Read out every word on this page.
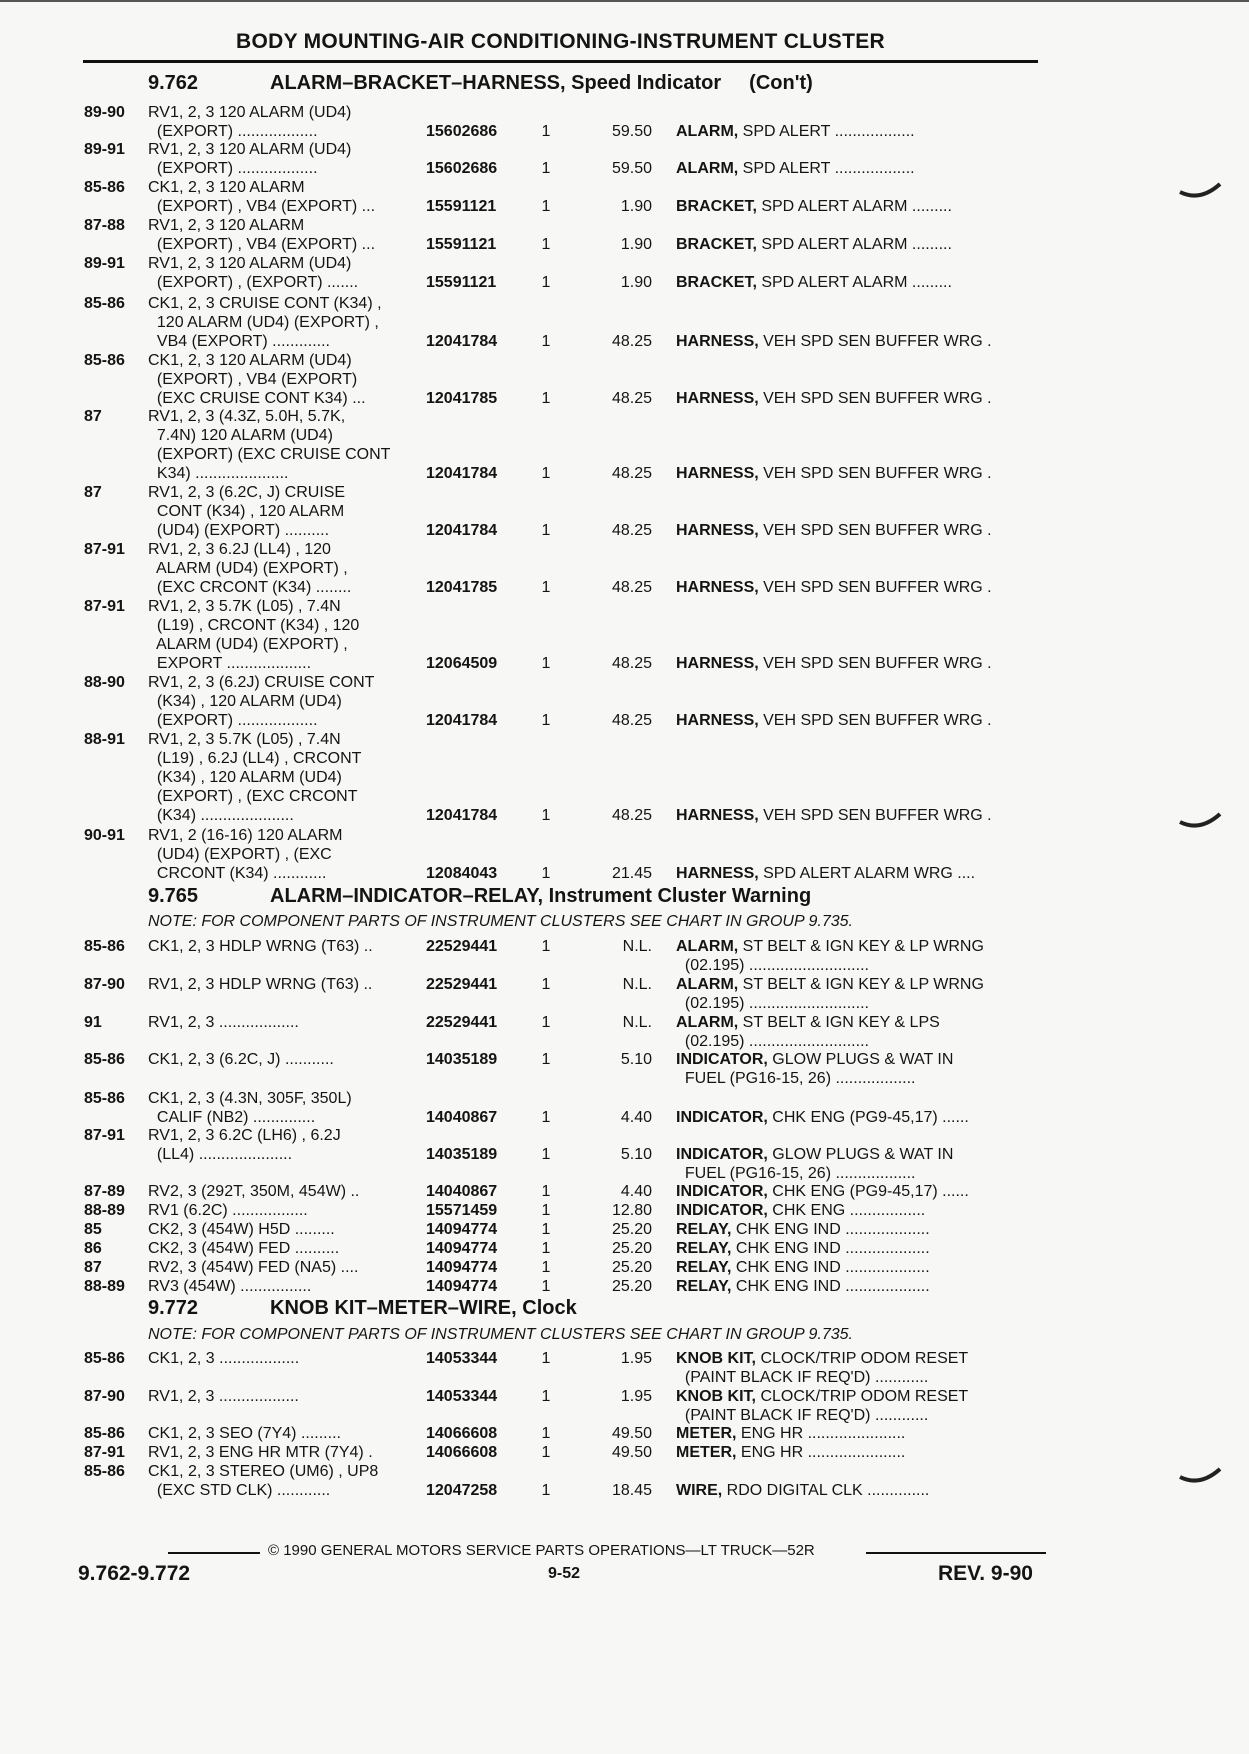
BODY MOUNTING-AIR CONDITIONING-INSTRUMENT CLUSTER
9.762	ALARM–BRACKET–HARNESS, Speed Indicator (Con't)
9.765	ALARM–INDICATOR–RELAY, Instrument Cluster Warning
NOTE: FOR COMPONENT PARTS OF INSTRUMENT CLUSTERS SEE CHART IN GROUP 9.735.
9.772	KNOB KIT–METER–WIRE, Clock
NOTE: FOR COMPONENT PARTS OF INSTRUMENT CLUSTERS SEE CHART IN GROUP 9.735.
89-90	RV1, 2, 3 120 ALARM (UD4)
(EXPORT) ..................	15602686	1	59.50 ALARM, SPD ALERT ..................
89-91	RV1, 2, 3 120 ALARM (UD4)
(EXPORT) ..................	15602686	1	59.50 ALARM, SPD ALERT ..................
85-86	CK1, 2, 3 120 ALARM
(EXPORT) , VB4 (EXPORT) ...	15591121	1	1.90 BRACKET, SPD ALERT ALARM .........
87-88	RV1, 2, 3 120 ALARM
(EXPORT) , VB4 (EXPORT) ...	15591121	1	1.90 BRACKET, SPD ALERT ALARM .........
89-91	RV1, 2, 3 120 ALARM (UD4)
(EXPORT) , (EXPORT) .......	15591121	1	1.90 BRACKET, SPD ALERT ALARM .........
85-86	CK1, 2, 3 CRUISE CONT (K34) ,
120 ALARM (UD4) (EXPORT) ,
VB4 (EXPORT) .............	12041784	1	48.25 HARNESS, VEH SPD SEN BUFFER WRG .
85-86	CK1, 2, 3 120 ALARM (UD4)
(EXPORT) , VB4 (EXPORT)
(EXC CRUISE CONT K34) ...	12041785	1	48.25 HARNESS, VEH SPD SEN BUFFER WRG .
87	RV1, 2, 3 (4.3Z, 5.0H, 5.7K,
7.4N) 120 ALARM (UD4)
(EXPORT) (EXC CRUISE CONT
K34) .....................	12041784	1	48.25 HARNESS, VEH SPD SEN BUFFER WRG .
87	RV1, 2, 3 (6.2C, J) CRUISE
CONT (K34) , 120 ALARM
(UD4) (EXPORT) ..........	12041784	1	48.25 HARNESS, VEH SPD SEN BUFFER WRG .
87-91	RV1, 2, 3 6.2J (LL4) , 120
ALARM (UD4) (EXPORT) ,
(EXC CRCONT (K34) ........	12041785	1	48.25 HARNESS, VEH SPD SEN BUFFER WRG .
87-91	RV1, 2, 3 5.7K (L05) , 7.4N
(L19) , CRCONT (K34) , 120
ALARM (UD4) (EXPORT) ,
EXPORT ...................	12064509	1	48.25 HARNESS, VEH SPD SEN BUFFER WRG .
88-90	RV1, 2, 3 (6.2J) CRUISE CONT
(K34) , 120 ALARM (UD4)
(EXPORT) ..................	12041784	1	48.25 HARNESS, VEH SPD SEN BUFFER WRG .
88-91	RV1, 2, 3 5.7K (L05) , 7.4N
(L19) , 6.2J (LL4) , CRCONT
(K34) , 120 ALARM (UD4)
(EXPORT) , (EXC CRCONT
(K34) .....................	12041784	1	48.25 HARNESS, VEH SPD SEN BUFFER WRG .
90-91	RV1, 2 (16-16) 120 ALARM
(UD4) (EXPORT) , (EXC
CRCONT (K34) ............	12084043	1	21.45 HARNESS, SPD ALERT ALARM WRG ....
85-86	CK1, 2, 3 HDLP WRNG (T63) ..	22529441	1	N.L. ALARM, ST BELT & IGN KEY & LP WRNG
(02.195) ...........................
87-90	RV1, 2, 3 HDLP WRNG (T63) ..	22529441	1	N.L. ALARM, ST BELT & IGN KEY & LP WRNG
(02.195) ...........................
91	RV1, 2, 3 ..................	22529441	1	N.L. ALARM, ST BELT & IGN KEY & LPS
(02.195) ...........................
85-86	CK1, 2, 3 (6.2C, J) ...........	14035189	1	5.10 INDICATOR, GLOW PLUGS & WAT IN
FUEL (PG16-15, 26) ..................
85-86	CK1, 2, 3 (4.3N, 305F, 350L)
CALIF (NB2) ..............	14040867	1	4.40 INDICATOR, CHK ENG (PG9-45,17) ......
87-91	RV1, 2, 3 6.2C (LH6) , 6.2J
(LL4) .....................	14035189	1	5.10 INDICATOR, GLOW PLUGS & WAT IN
FUEL (PG16-15, 26) ..................
87-89	RV2, 3 (292T, 350M, 454W) ..	14040867	1	4.40 INDICATOR, CHK ENG (PG9-45,17) ......
88-89	RV1 (6.2C) .................	15571459	1	12.80 INDICATOR, CHK ENG .................
85	CK2, 3 (454W) H5D .........	14094774	1	25.20 RELAY, CHK ENG IND ...................
86	CK2, 3 (454W) FED ..........	14094774	1	25.20 RELAY, CHK ENG IND ...................
87	RV2, 3 (454W) FED (NA5) ....	14094774	1	25.20 RELAY, CHK ENG IND ...................
88-89	RV3 (454W) ................	14094774	1	25.20 RELAY, CHK ENG IND ...................
85-86	CK1, 2, 3 ..................	14053344	1	1.95 KNOB KIT, CLOCK/TRIP ODOM RESET
(PAINT BLACK IF REQ'D) ............
87-90	RV1, 2, 3 ..................	14053344	1	1.95 KNOB KIT, CLOCK/TRIP ODOM RESET
(PAINT BLACK IF REQ'D) ............
85-86	CK1, 2, 3 SEO (7Y4) .........	14066608	1	49.50 METER, ENG HR ......................
87-91	RV1, 2, 3 ENG HR MTR (7Y4) .	14066608	1	49.50 METER, ENG HR ......................
85-86	CK1, 2, 3 STEREO (UM6) , UP8
(EXC STD CLK) ............	12047258	1	18.45 WIRE, RDO DIGITAL CLK ..............
© 1990 GENERAL MOTORS SERVICE PARTS OPERATIONS—LT TRUCK—52R
9.762-9.772	9-52	REV. 9-90
